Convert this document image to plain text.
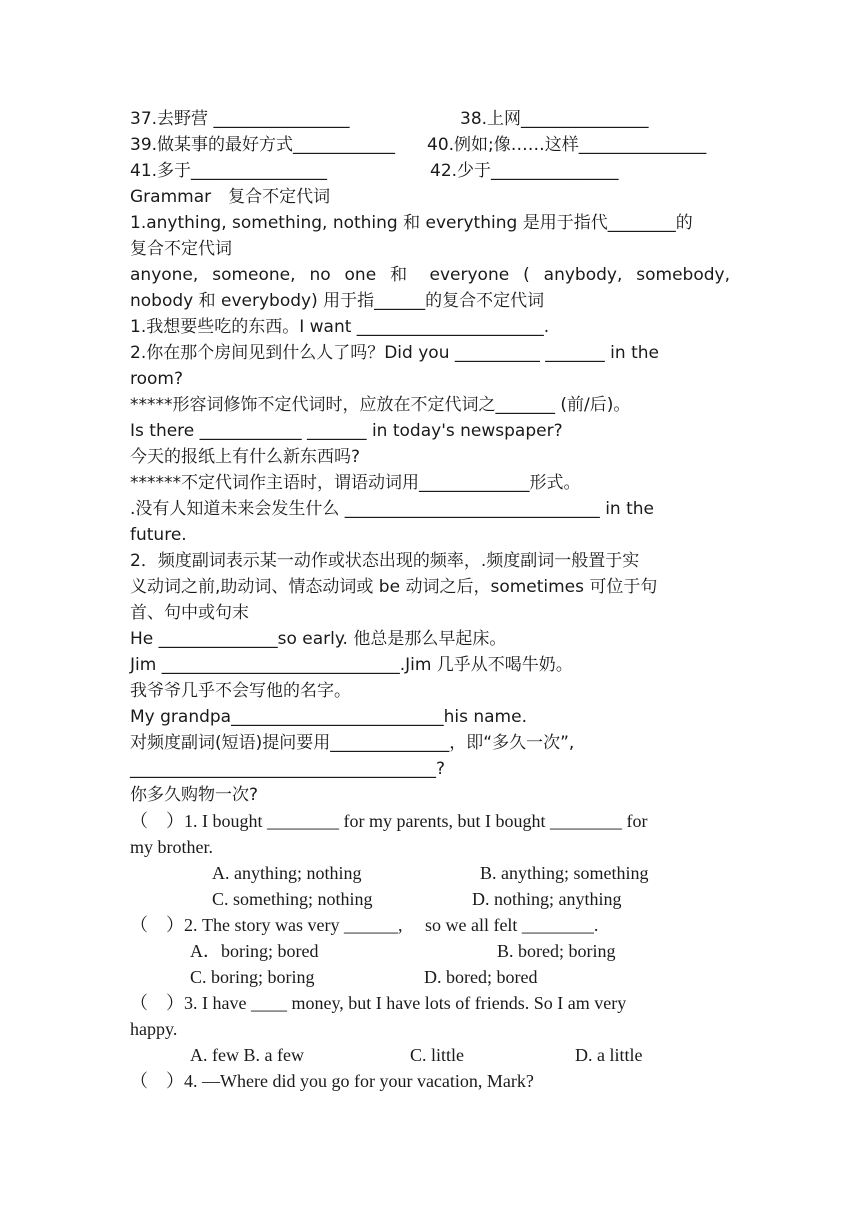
37.去野营 ________________	38.上网_______________
39.做某事的最好方式____________	40.例如;像……这样_______________
41.多于________________	42.少于_______________
Grammar　复合不定代词
1.anything, something, nothing 和 everything 是用于指代________的
复合不定代词
anyone, someone, no one 和 everyone ( anybody, somebody,
nobody 和 everybody) 用于指______的复合不定代词
1.我想要些吃的东西。I want ______________________.
2.你在那个房间见到什么人了吗？Did you __________ _______ in the
room?
*****形容词修饰不定代词时，应放在不定代词之_______ (前/后)。
Is there ____________ _______ in today's newspaper?
今天的报纸上有什么新东西吗?
******不定代词作主语时，谓语动词用_____________形式。
.没有人知道未来会发生什么 ______________________________ in the
future.
2．频度副词表示某一动作或状态出现的频率，.频度副词一般置于实
义动词之前,助动词、情态动词或 be 动词之后，sometimes 可位于句
首、句中或句末
He ______________so early. 他总是那么早起床。
Jim ____________________________.Jim 几乎从不喝牛奶。
我爷爷几乎不会写他的名字。
My grandpa_________________________his name.
对频度副词(短语)提问要用______________，即“多久一次”,
____________________________________?
你多久购物一次?
（　）1. I bought ________ for my parents, but I bought ________ for
my brother.
A. anything; nothing	B. anything; something
C. something; nothing	D. nothing; anything
（　）2. The story was very ______,　 so we all felt ________.
A．boring; bored	B. bored; boring
C. boring; boring	D. bored; bored
（　）3. I have ____ money, but I have lots of friends. So I am very
happy.
A. few B. a few	C. little	D. a little
（　）4. —Where did you go for your vacation, Mark?
